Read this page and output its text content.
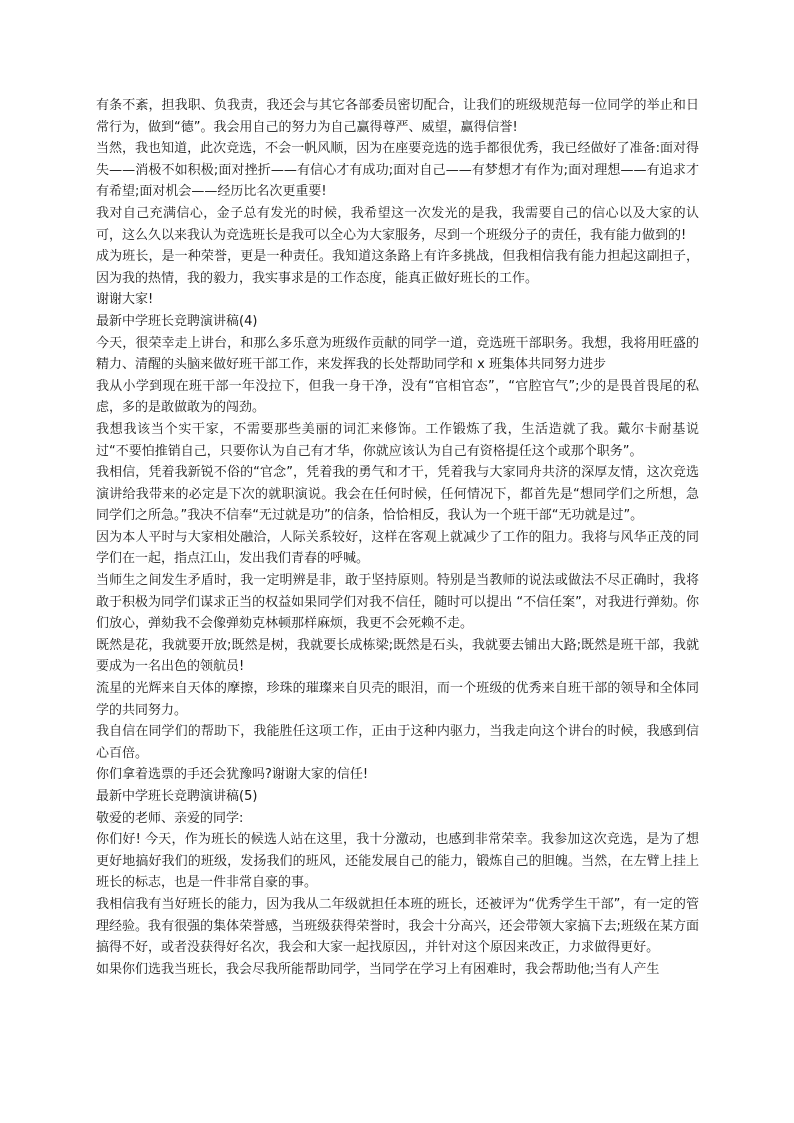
有条不紊，担我职、负我责，我还会与其它各部委员密切配合，让我们的班级规范每一位同学的举止和日常行为，做到“德”。我会用自己的努力为自己赢得尊严、威望，赢得信誉!

当然，我也知道，此次竞选，不会一帆风顺，因为在座要竞选的选手都很优秀，我已经做好了准备:面对得失——消极不如积极;面对挫折——有信心才有成功;面对自己——有梦想才有作为;面对理想——有追求才有希望;面对机会——经历比名次更重要!

我对自己充满信心，金子总有发光的时候，我希望这一次发光的是我，我需要自己的信心以及大家的认可，这么久以来我认为竞选班长是我可以全心为大家服务，尽到一个班级分子的责任，我有能力做到的!

成为班长，是一种荣誉，更是一种责任。我知道这条路上有许多挑战，但我相信我有能力担起这副担子，因为我的热情，我的毅力，我实事求是的工作态度，能真正做好班长的工作。

谢谢大家!

最新中学班长竞聘演讲稿(4)

今天，很荣幸走上讲台，和那么多乐意为班级作贡献的同学一道，竞选班干部职务。我想，我将用旺盛的精力、清醒的头脑来做好班干部工作，来发挥我的长处帮助同学和 x 班集体共同努力进步

我从小学到现在班干部一年没拉下，但我一身干净，没有“官相官态”，“官腔官气”;少的是畏首畏尾的私虑，多的是敢做敢为的闯劲。

我想我该当个实干家，不需要那些美丽的词汇来修饰。工作锻炼了我，生活造就了我。戴尔卡耐基说过“不要怕推销自己，只要你认为自己有才华，你就应该认为自己有资格提任这个或那个职务”。

我相信，凭着我新锐不俗的“官念”，凭着我的勇气和才干，凭着我与大家同舟共济的深厚友情，这次竞选演讲给我带来的必定是下次的就职演说。我会在任何时候，任何情况下，都首先是“想同学们之所想，急同学们之所急。”我决不信奉“无过就是功”的信条，恰恰相反，我认为一个班干部“无功就是过”。

因为本人平时与大家相处融洽，人际关系较好，这样在客观上就减少了工作的阻力。我将与风华正茂的同学们在一起，指点江山，发出我们青春的呼喊。

当师生之间发生矛盾时，我一定明辨是非，敢于坚持原则。特别是当教师的说法或做法不尽正确时，我将敢于积极为同学们谋求正当的权益如果同学们对我不信任，随时可以提出 “不信任案”，对我进行弹劾。你们放心，弹劾我不会像弹劾克林顿那样麻烦，我更不会死赖不走。

既然是花，我就要开放;既然是树，我就要长成栋梁;既然是石头，我就要去铺出大路;既然是班干部，我就要成为一名出色的领航员!

流星的光辉来自天体的摩擦，珍珠的璀璨来自贝壳的眼泪，而一个班级的优秀来自班干部的领导和全体同学的共同努力。

我自信在同学们的帮助下，我能胜任这项工作，正由于这种内驱力，当我走向这个讲台的时候，我感到信心百倍。

你们拿着选票的手还会犹豫吗?谢谢大家的信任!

最新中学班长竞聘演讲稿(5)

敬爱的老师、亲爱的同学:

你们好! 今天，作为班长的候选人站在这里，我十分激动，也感到非常荣幸。我参加这次竞选，是为了想更好地搞好我们的班级，发扬我们的班风，还能发展自己的能力，锻炼自己的胆魄。当然，在左臂上挂上班长的标志，也是一件非常自豪的事。

我相信我有当好班长的能力，因为我从二年级就担任本班的班长，还被评为“优秀学生干部”，有一定的管理经验。我有很强的集体荣誉感，当班级获得荣誉时，我会十分高兴，还会带领大家搞下去;班级在某方面搞得不好，或者没获得好名次，我会和大家一起找原因,，并针对这个原因来改正，力求做得更好。

如果你们选我当班长，我会尽我所能帮助同学，当同学在学习上有困难时，我会帮助他;当有人产生
